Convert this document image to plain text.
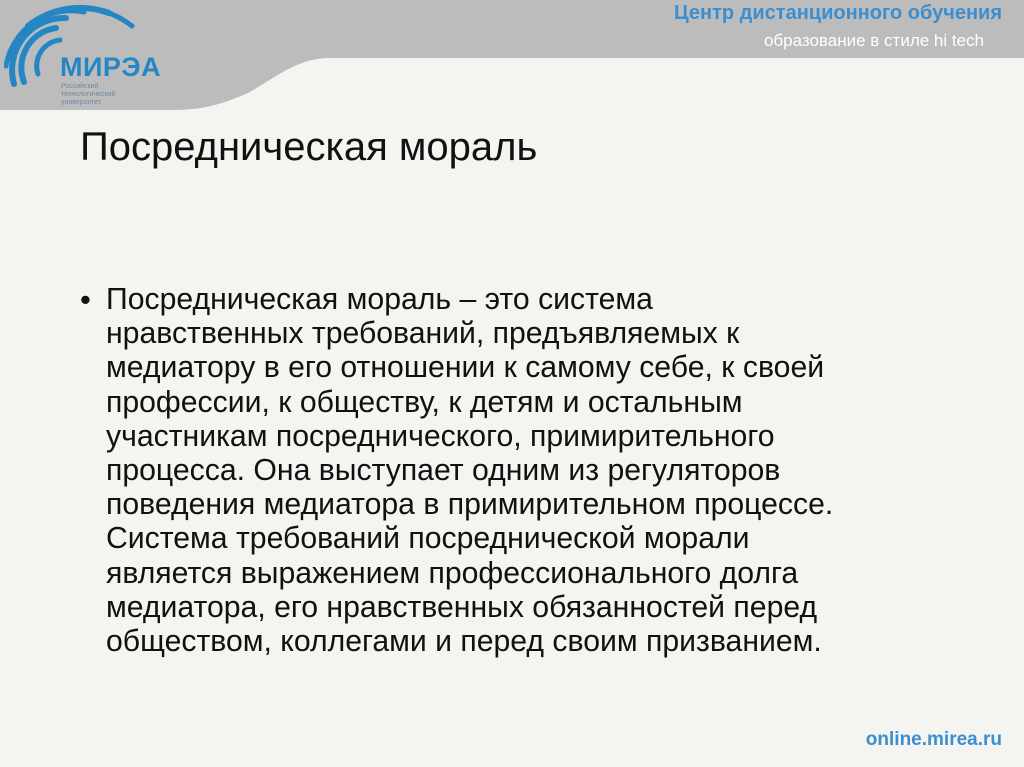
МИРЭА
Российский
технологический
университет
Центр дистанционного обучения
образование в стиле hi tech
Посредническая мораль
• Посредническая мораль – это система
нравственных требований, предъявляемых к
медиатору в его отношении к самому себе, к своей
профессии, к обществу, к детям и остальным
участникам посреднического, примирительного
процесса. Она выступает одним из регуляторов
поведения медиатора в примирительном процессе.
Система требований посреднической морали
является выражением профессионального долга
медиатора, его нравственных обязанностей перед
обществом, коллегами и перед своим призванием.
online.mirea.ru
